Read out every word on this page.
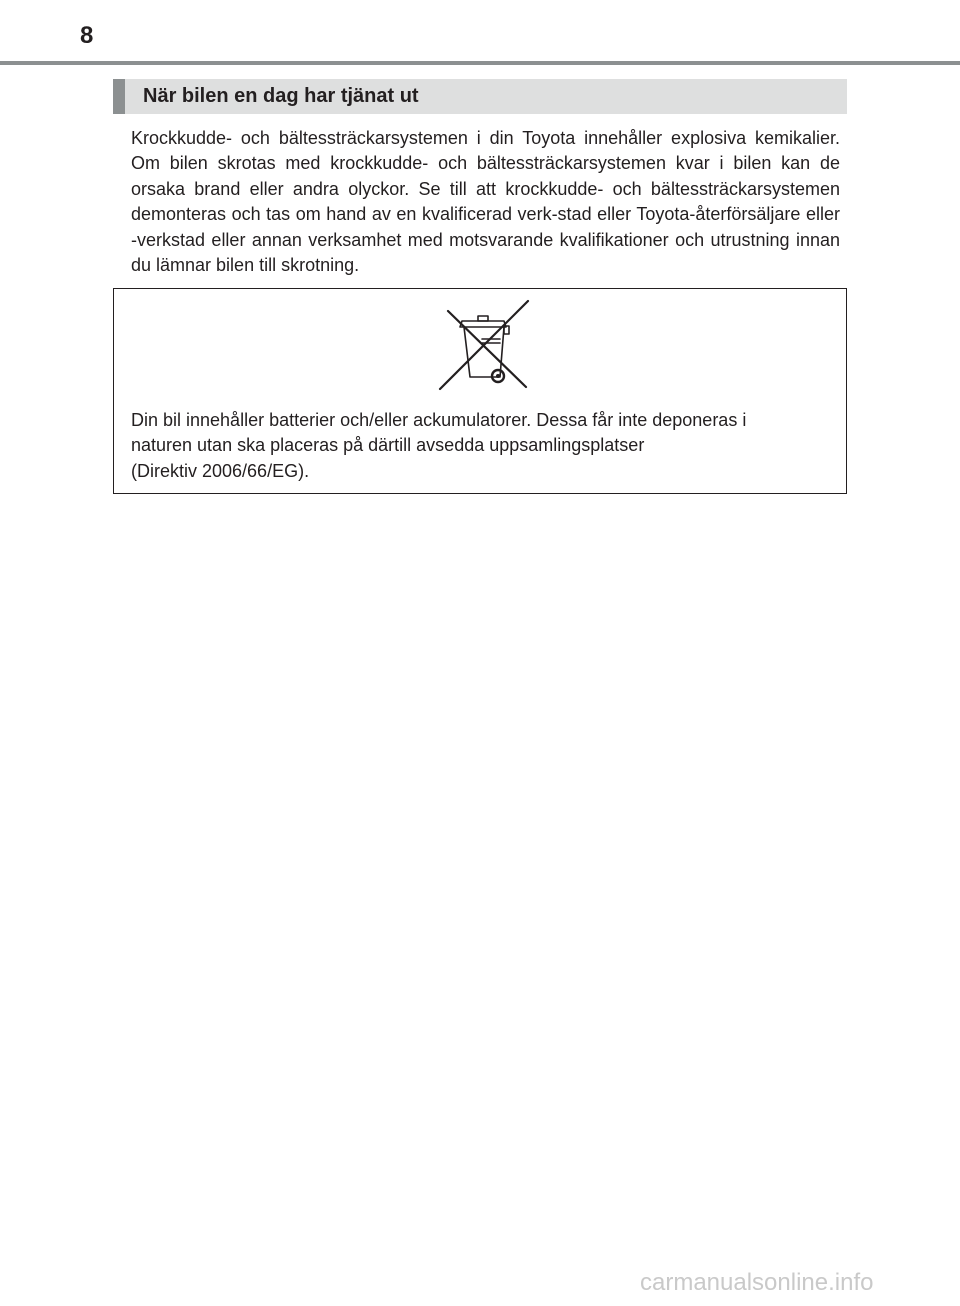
8
När bilen en dag har tjänat ut

Krockkudde- och bältessträckarsystemen i din Toyota innehåller explosiva kemikalier. Om bilen skrotas med krockkudde- och bältessträckarsystemen kvar i bilen kan de orsaka brand eller andra olyckor. Se till att krockkudde- och bältessträckarsystemen demonteras och tas om hand av en kvalificerad verk-stad eller Toyota-återförsäljare eller -verkstad eller annan verksamhet med motsvarande kvalifikationer och utrustning innan du lämnar bilen till skrotning.

Din bil innehåller batterier och/eller ackumulatorer. Dessa får inte deponeras i
naturen utan ska placeras på därtill avsedda uppsamlingsplatser
(Direktiv 2006/66/EG).
carmanualsonline.info
